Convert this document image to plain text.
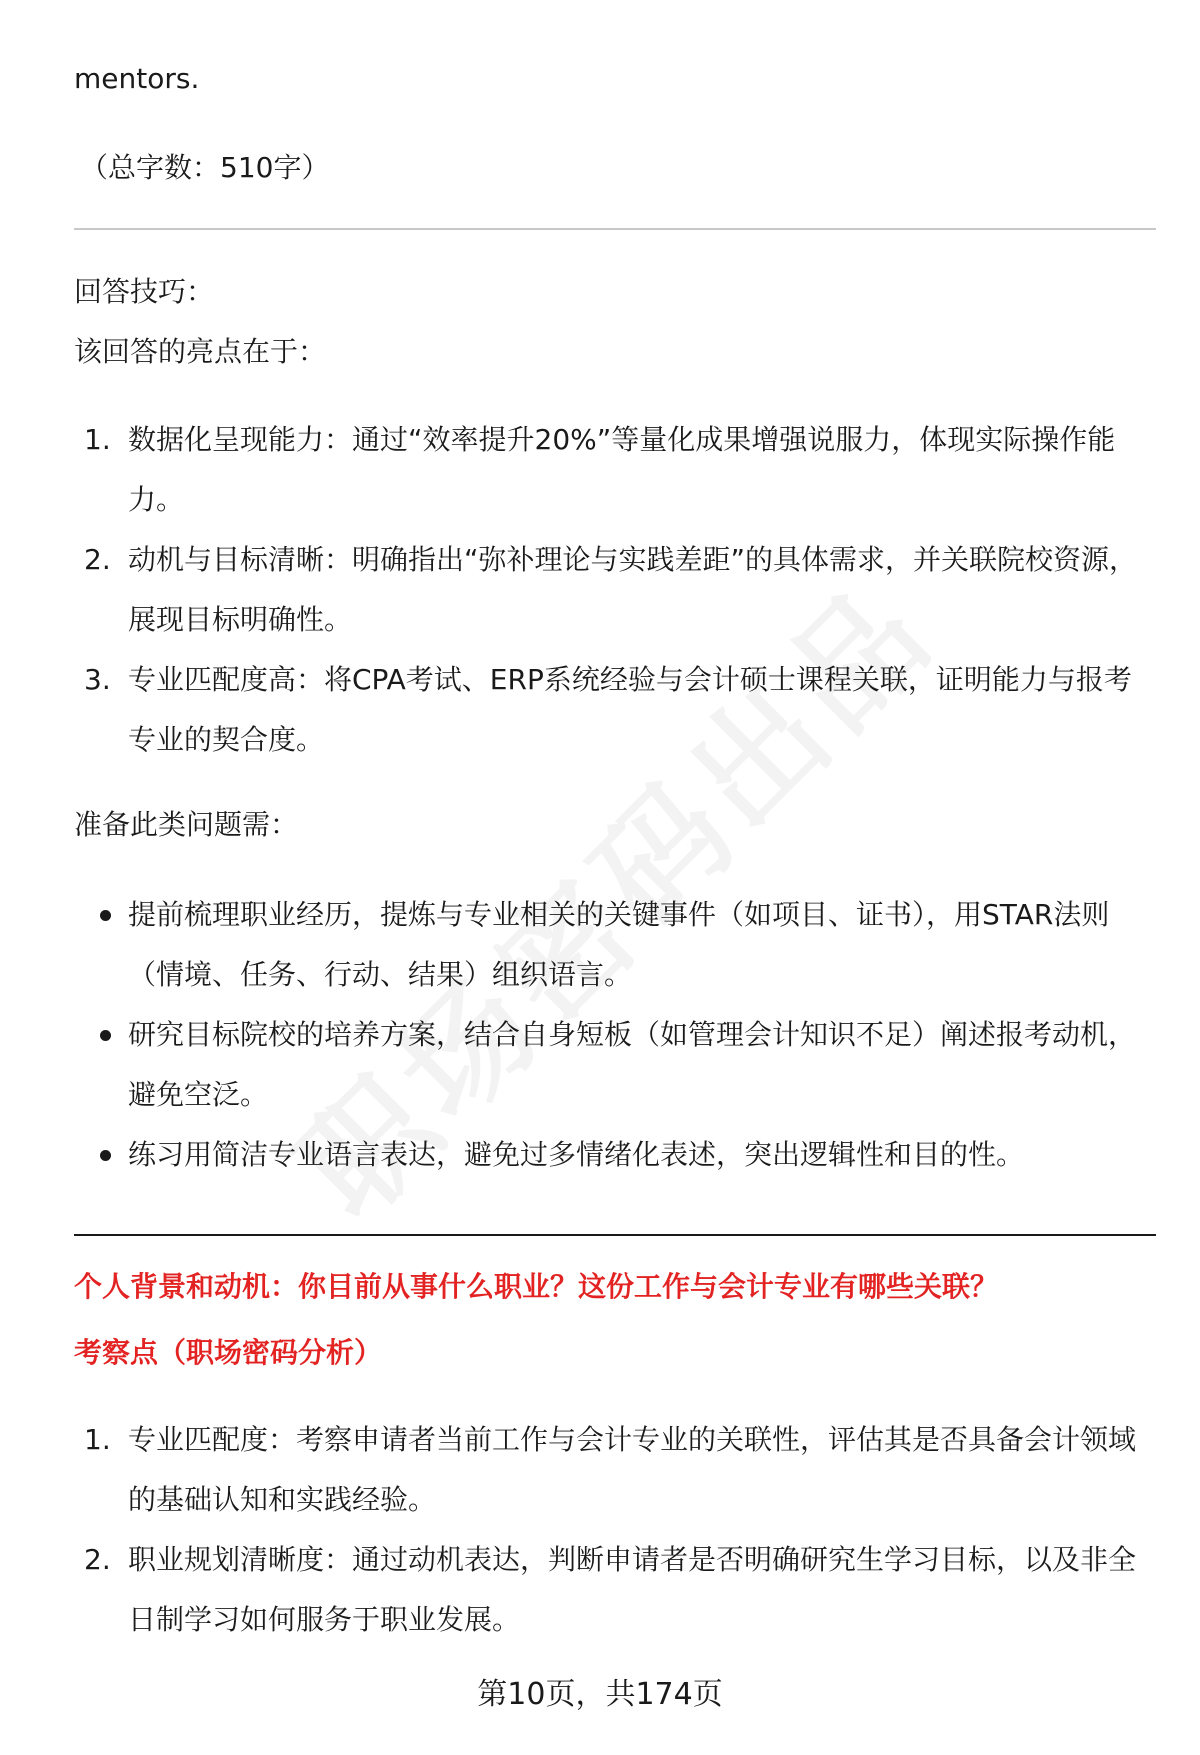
mentors.

（总字数：510字）

回答技巧：

该回答的亮点在于：

1. 数据化呈现能力：通过“效率提升20%”等量化成果增强说服力，体现实际操作能力。
2. 动机与目标清晰：明确指出“弥补理论与实践差距”的具体需求，并关联院校资源，展现目标明确性。
3. 专业匹配度高：将CPA考试、ERP系统经验与会计硕士课程关联，证明能力与报考专业的契合度。

准备此类问题需：

提前梳理职业经历，提炼与专业相关的关键事件（如项目、证书），用STAR法则（情境、任务、行动、结果）组织语言。
研究目标院校的培养方案，结合自身短板（如管理会计知识不足）阐述报考动机，避免空泛。
练习用简洁专业语言表达，避免过多情绪化表述，突出逻辑性和目的性。

个人背景和动机：你目前从事什么职业？这份工作与会计专业有哪些关联？

考察点（职场密码分析）

1. 专业匹配度：考察申请者当前工作与会计专业的关联性，评估其是否具备会计领域的基础认知和实践经验。
2. 职业规划清晰度：通过动机表达，判断申请者是否明确研究生学习目标，以及非全日制学习如何服务于职业发展。
第10页，共174页
